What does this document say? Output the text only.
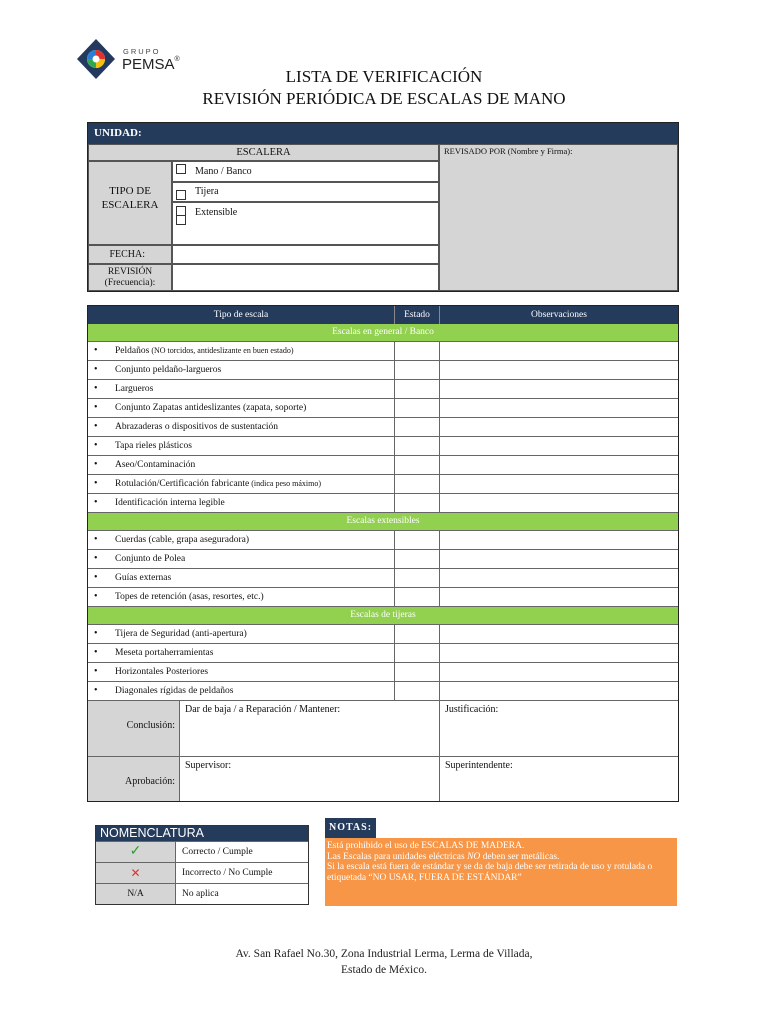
GRUPO
PEMSA®
LISTA DE VERIFICACIÓN
REVISIÓN PERIÓDICA DE ESCALAS DE MANO
UNIDAD:
ESCALERA	REVISADO POR (Nombre y Firma):
TIPO DE
ESCALERA
Mano / Banco
Tijera
Extensible
FECHA:
REVISIÓN
(Frecuencia):
Tipo de escala	Estado	Observaciones
Escalas en general / Banco
• Peldaños (NO torcidos, antideslizante en buen estado)
• Conjunto peldaño-largueros
• Largueros
• Conjunto Zapatas antideslizantes (zapata, soporte)
• Abrazaderas o dispositivos de sustentación
• Tapa rieles plásticos
• Aseo/Contaminación
• Rotulación/Certificación fabricante (indica peso máximo)
• Identificación interna legible
Escalas extensibles
• Cuerdas (cable, grapa aseguradora)
• Conjunto de Polea
• Guías externas
• Topes de retención (asas, resortes, etc.)
Escalas de tijeras
• Tijera de Seguridad (anti-apertura)
• Meseta portaherramientas
• Horizontales Posteriores
• Diagonales rígidas de peldaños
Conclusión:
Dar de baja / a Reparación / Mantener:	Justificación:
Aprobación:
Supervisor:	Superintendente:
NOMENCLATURA
✓	Correcto / Cumple
✕	Incorrecto / No Cumple
N/A	No aplica
NOTAS:
Está prohibido el uso de ESCALAS DE MADERA.
Las Escalas para unidades eléctricas NO deben ser metálicas.
Si la escala está fuera de estándar y se da de baja debe ser retirada de uso y rotulada o etiquetada “NO USAR, FUERA DE ESTÁNDAR”
Av. San Rafael No.30, Zona Industrial Lerma, Lerma de Villada,
Estado de México.
